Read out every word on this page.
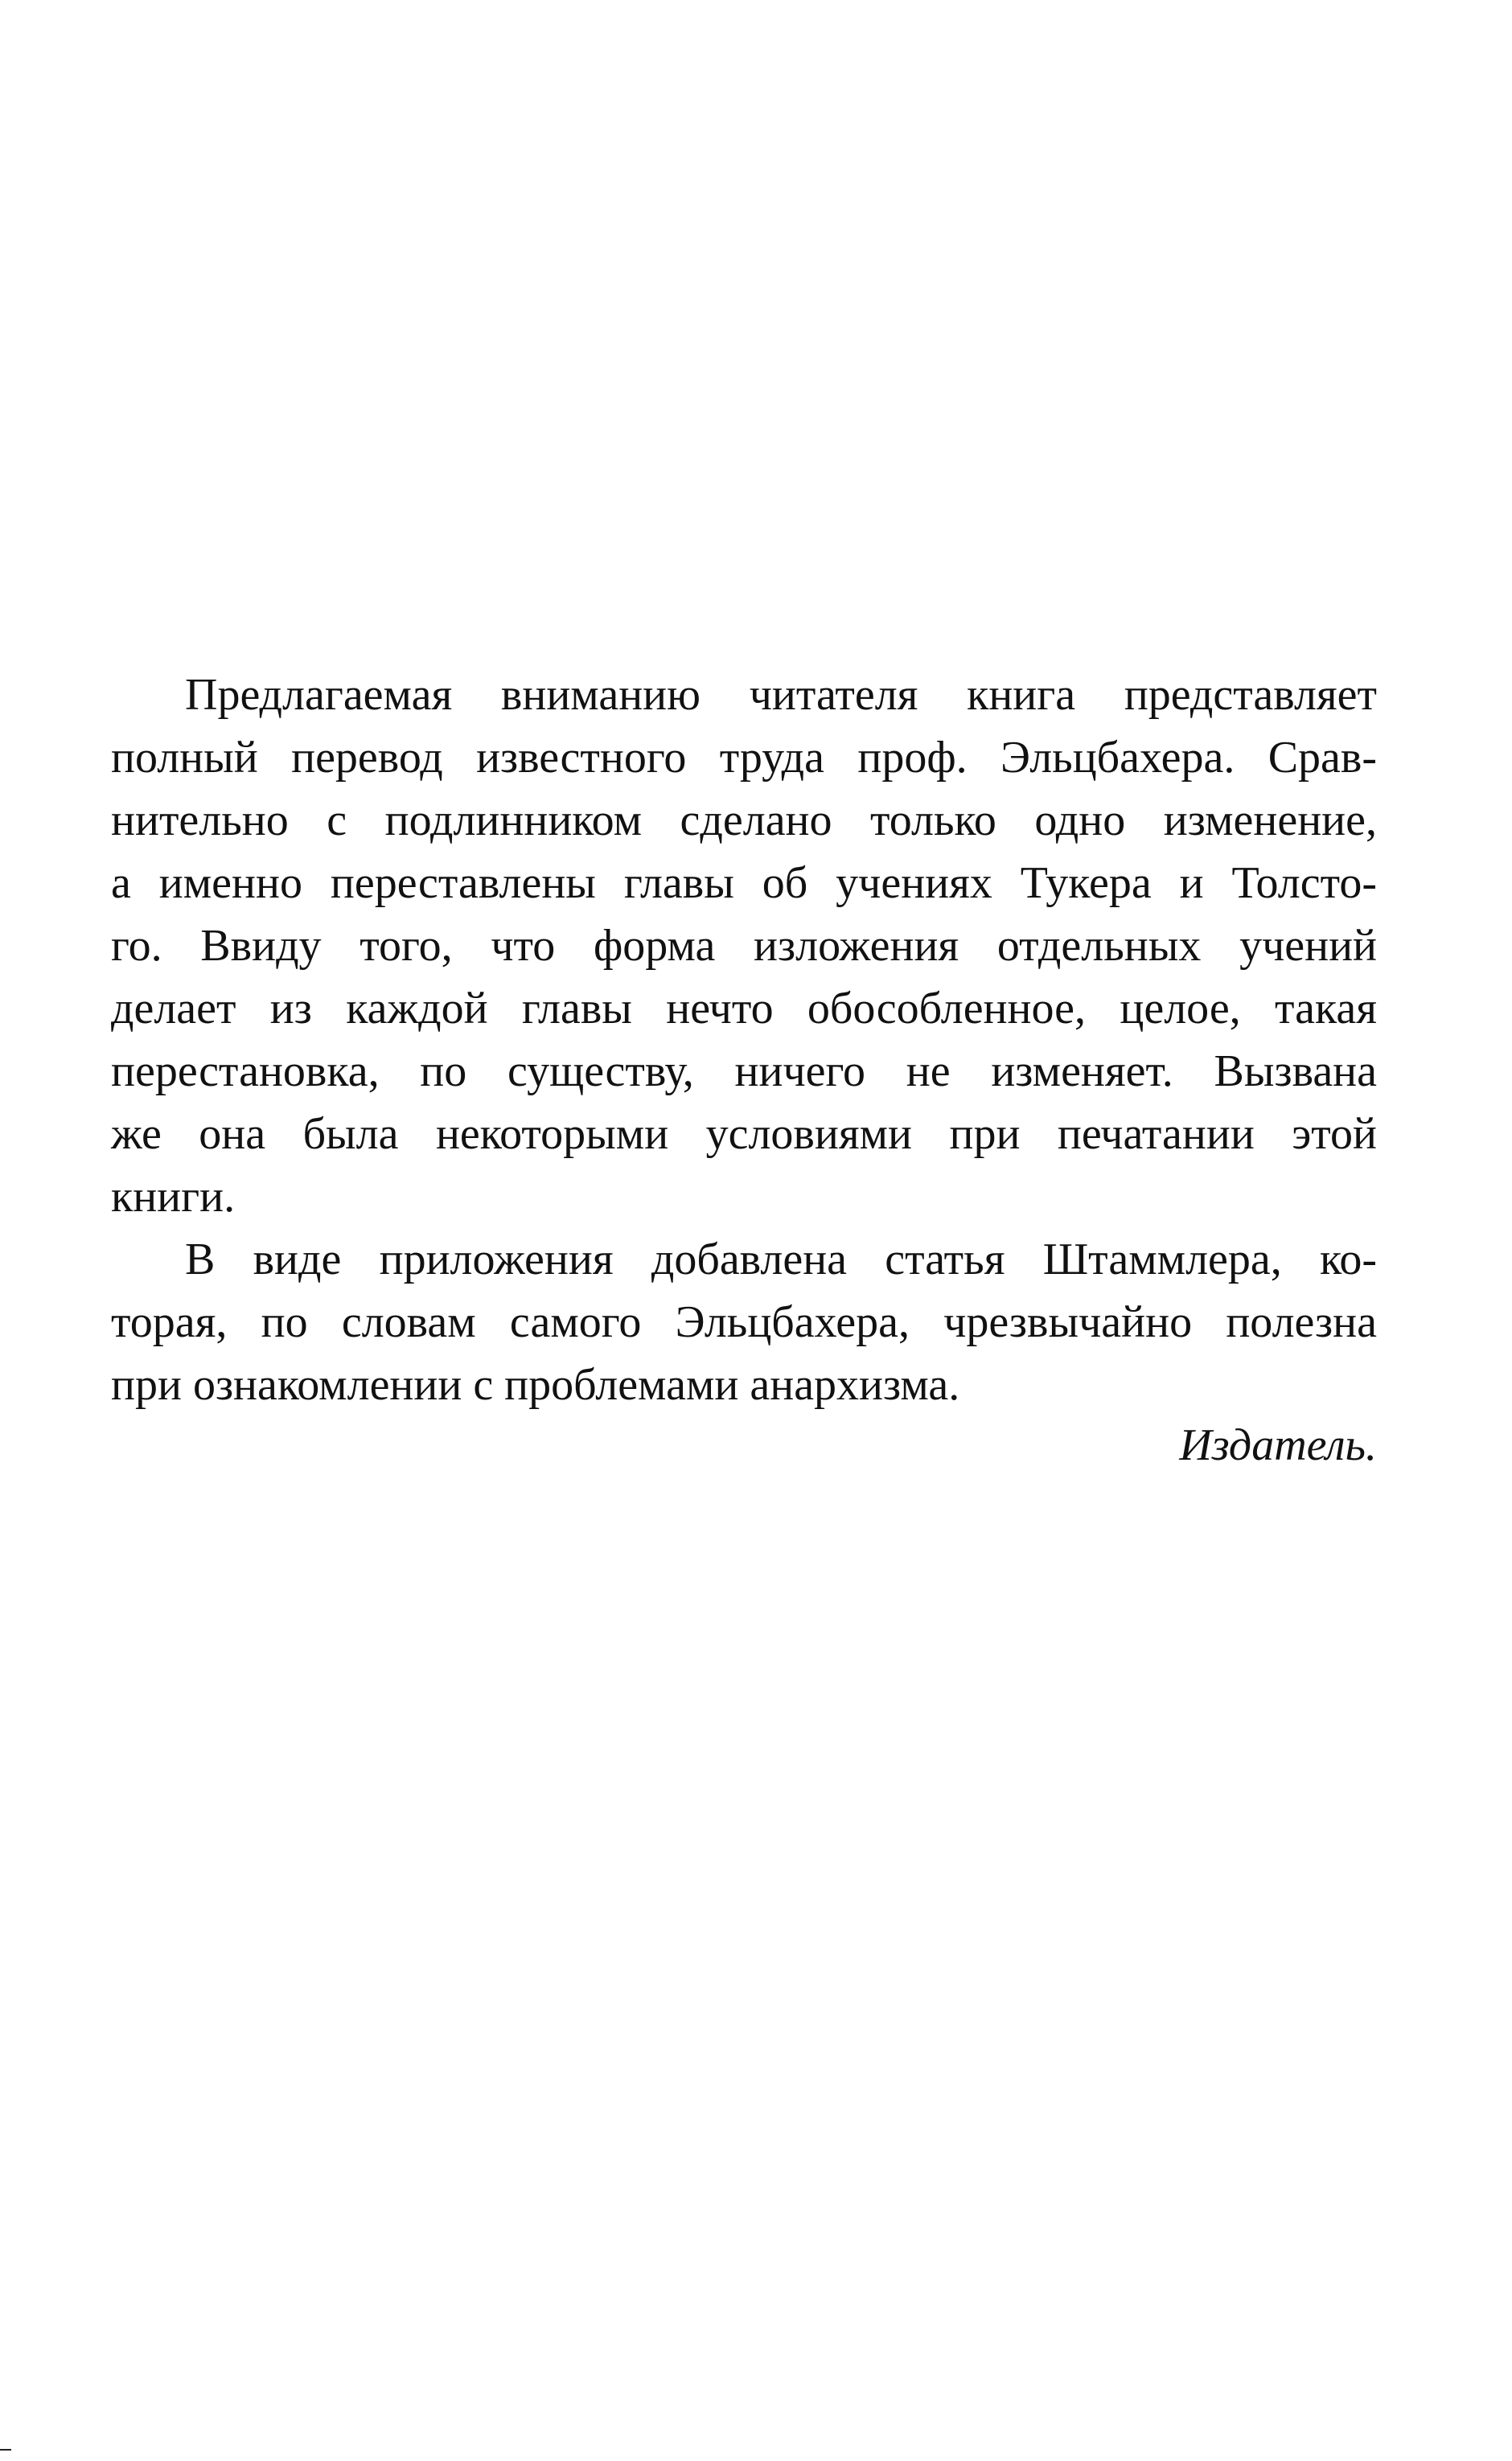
Предлагаемая вниманию читателя книга представляет
полный перевод известного труда проф. Эльцбахера. Срав-
нительно с подлинником сделано только одно изменение,
а именно переставлены главы об учениях Тукера и Толсто-
го. Ввиду того, что форма изложения отдельных учений
делает из каждой главы нечто обособленное, целое, такая
перестановка, по существу, ничего не изменяет. Вызвана
же она была некоторыми условиями при печатании этой
книги.
В виде приложения добавлена статья Штаммлера, ко-
торая, по словам самого Эльцбахера, чрезвычайно полезна
при ознакомлении с проблемами анархизма.
Издатель.
